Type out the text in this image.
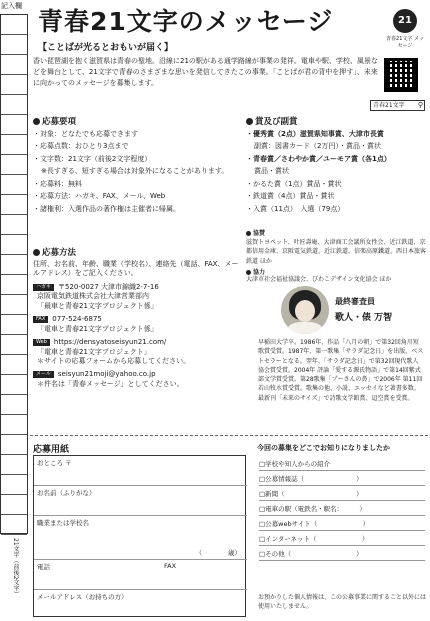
記入欄
21文字（前後2文字）
青春21文字のメッセージ	21
青春21文字 メッセージ
【ことばが光るとおもいが届く】
香い琵琶湖を抱く滋賀県は青春の聖地。沿線に21の駅がある通学路線が事業の発祥。電車や駅、学校、風景などを舞台として、21文字で青春のさまざまな思いを発信してきたこの事業。「ことばが君の背中を押す」、未来に向かってのメッセージを募集します。
青春21文字 ⚲
応募要項
・対象：どなたでも応募できます
・応募点数：おひとり3点まで
・文字数：21文字（前後2文字程度）
※長すぎる、短すぎる場合は対象外になることがあります。
・応募料：無料
・応募方法：ハガキ、FAX、メール、Web
・諸権利：入選作品の著作権は主催者に帰属。
応募方法
住所、お名前、年齢、職業（学校名）、連絡先（電話、FAX、メールアドレス）をご記入ください。
ハガキ 〒520-0027 大津市錦織2-7-16
京阪電気鉄道株式会社大津営業部内
「最車と青春21文字プロジェクト係」
FAX 077-524-6875
「電車と青春21文字プロジェクト係」
Web https://densyatoseisyun21.com/
「電車と青春21文字プロジェクト」
＊サイトの応募フォームから応募してください。
メール seisyun21moji@yahoo.co.jp
＊件名は「青春メッセージ」としてください。
賞及び副賞
・優秀賞（2点）滋賀県知事賞、大津市長賞
副賞：図書カード（2万円）・賞品・賞状
・青春賞／さわやか賞／ユーモア賞（各1点）
賞品・賞状
・かるた賞（1点）賞品・賞状
・鉄道賞（4点）賞品・賞状
・入賞（11点）　入選（79点）
協賛
滋賀トヨペット、叶匠壽庵、大津商工会議所女性会、近江鉄道、京都信用金庫、京阪電気鉄道、近江鉄道、信楽高原鐵道、西日本旅客鉄道 ほか
協力
大津市社会福祉協議会、びわこデザイン文化協会 ほか
最終審査員
歌人・俵 万智
早稲田大学卒。1986年、作品「八月の朝」で第32回角川短歌賞受賞。1987年、第一歌集「サラダ記念日」を出版、ベストセラーとなる。翌年、「サラダ記念日」で第32回現代歌人協会賞受賞。2004年 評論「愛する源氏物語」で第14回紫式部文学賞受賞。第28歌集「プーさんの鼻」で2006年 第11回若山牧水賞受賞。歌集の他、小説、エッセイなど著書多数。最新刊「未来のサイズ」で詩歌文学館賞、迢空賞を受賞。
応募用紙
おところ 〒
お名前（ふりがな）
職業または学校名
（　　　　歳）
電話	FAX
メールアドレス（お持ちの方）
今回の募集をどこでお知りになりましたか
□学校や知人からの紹介
□公募情報誌（　　　　　　　　）
□新聞（　　　　　　　　　　　）
□電車の駅（電鉄名・駅名：　　　）
□公募webサイト（　　　　　　　）
□インターネット（　　　　　　　）
□その他（　　　　　　　　　　）
お預かりした個人情報は、この公募事業に関すること以外には使用いたしません。
